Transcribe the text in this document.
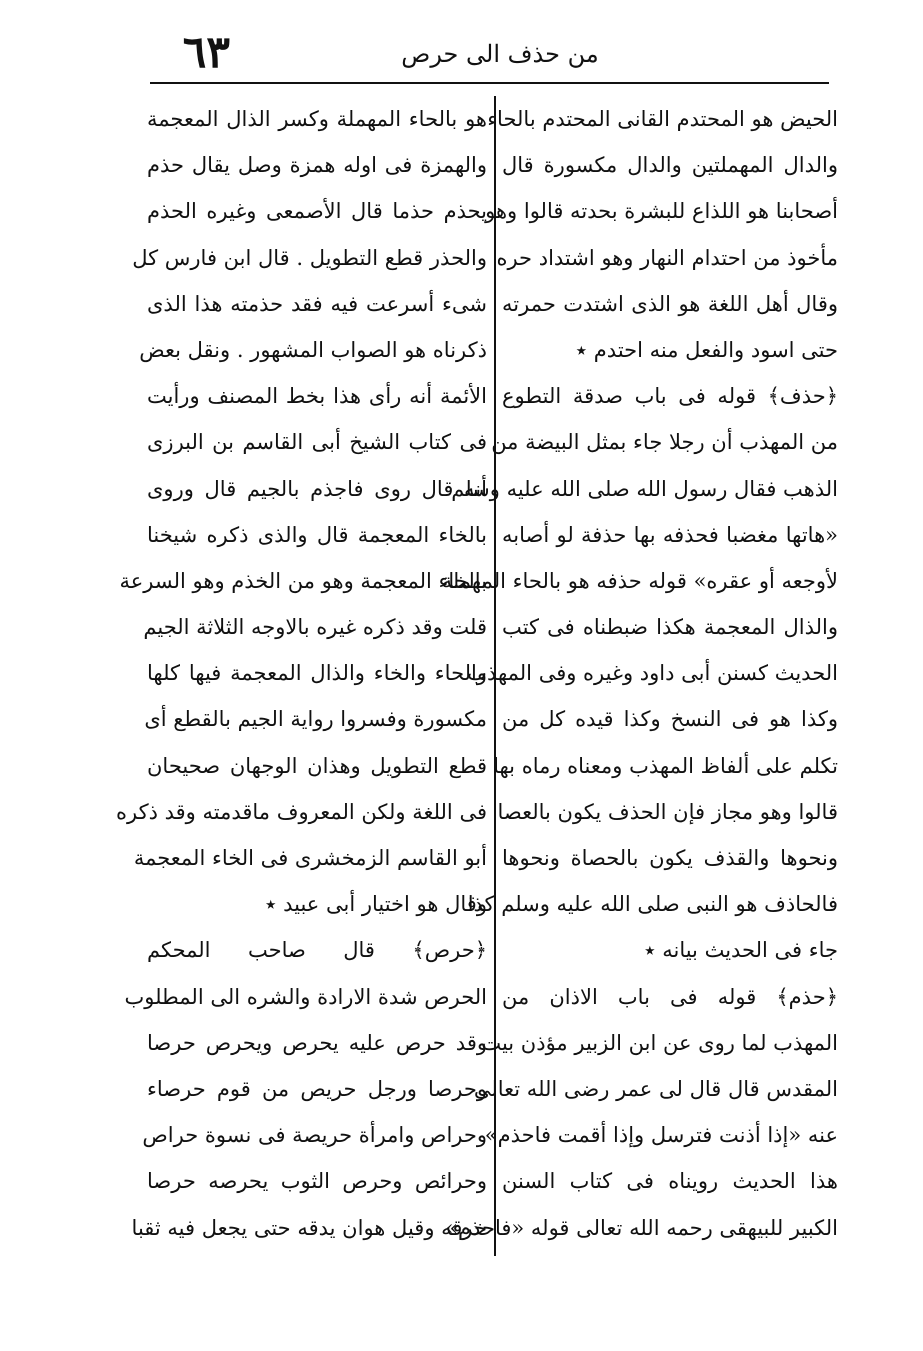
٦٣	من حذف الى حرص
الحيض هو المحتدم القانى المحتدم بالحاء
والدال المهملتين والدال مكسورة قال
أصحابنا هو اللذاع للبشرة بحدته قالوا وهو
مأخوذ من احتدام النهار وهو اشتداد حره
وقال أهل اللغة هو الذى اشتدت حمرته
حتى اسود والفعل منه احتدم ٭
﴿حذف﴾ قوله فى باب صدقة التطوع
من المهذب أن رجلا جاء بمثل البيضة من
الذهب فقال رسول الله صلى الله عليه وسلم
«هاتها مغضبا فحذفه بها حذفة لو أصابه
لأوجعه أو عقره» قوله حذفه هو بالحاء المهملة
والذال المعجمة هكذا ضبطناه فى كتب
الحديث كسنن أبى داود وغيره وفى المهذب
وكذا هو فى النسخ وكذا قيده كل من
تكلم على ألفاظ المهذب ومعناه رماه بها
قالوا وهو مجاز فإن الحذف يكون بالعصا
ونحوها والقذف يكون بالحصاة ونحوها
فالحاذف هو النبى صلى الله عليه وسلم كذا
جاء فى الحديث بيانه ٭
﴿حذم﴾ قوله فى باب الاذان من
المهذب لما روى عن ابن الزبير مؤذن بيت
المقدس قال قال لى عمر رضى الله تعالى
عنه «إذا أذنت فترسل وإذا أقمت فاحذم»
هذا الحديث رويناه فى كتاب السنن
الكبير للبيهقى رحمه الله تعالى قوله «فاحذم»
هو بالحاء المهملة وكسر الذال المعجمة
والهمزة فى اوله همزة وصل يقال حذم
يحذم حذما قال الأصمعى وغيره الحذم
والحذر قطع التطويل . قال ابن فارس كل
شىء أسرعت فيه فقد حذمته هذا الذى
ذكرناه هو الصواب المشهور . ونقل بعض
الأئمة أنه رأى هذا بخط المصنف ورأيت
فى كتاب الشيخ أبى القاسم بن البرزى
أنه قال روى فاجذم بالجيم قال وروى
بالخاء المعجمة قال والذى ذكره شيخنا
بالخاء المعجمة وهو من الخذم وهو السرعة
قلت وقد ذكره غيره بالاوجه الثلاثة الجيم
والحاء والخاء والذال المعجمة فيها كلها
مكسورة وفسروا رواية الجيم بالقطع أى
قطع التطويل وهذان الوجهان صحيحان
فى اللغة ولكن المعروف ماقدمته وقد ذكره
أبو القاسم الزمخشرى فى الخاء المعجمة
وقال هو اختيار أبى عبيد ٭
﴿حرص﴾ قال صاحب المحكم
الحرص شدة الارادة والشره الى المطلوب
وقد حرص عليه يحرص ويحرص حرصا
وحرصا ورجل حريص من قوم حرصاء
وحراص وامرأة حريصة فى نسوة حراص
وحرائص وحرص الثوب يحرصه حرصا
خرقه وقيل هوان يدقه حتى يجعل فيه ثقبا
